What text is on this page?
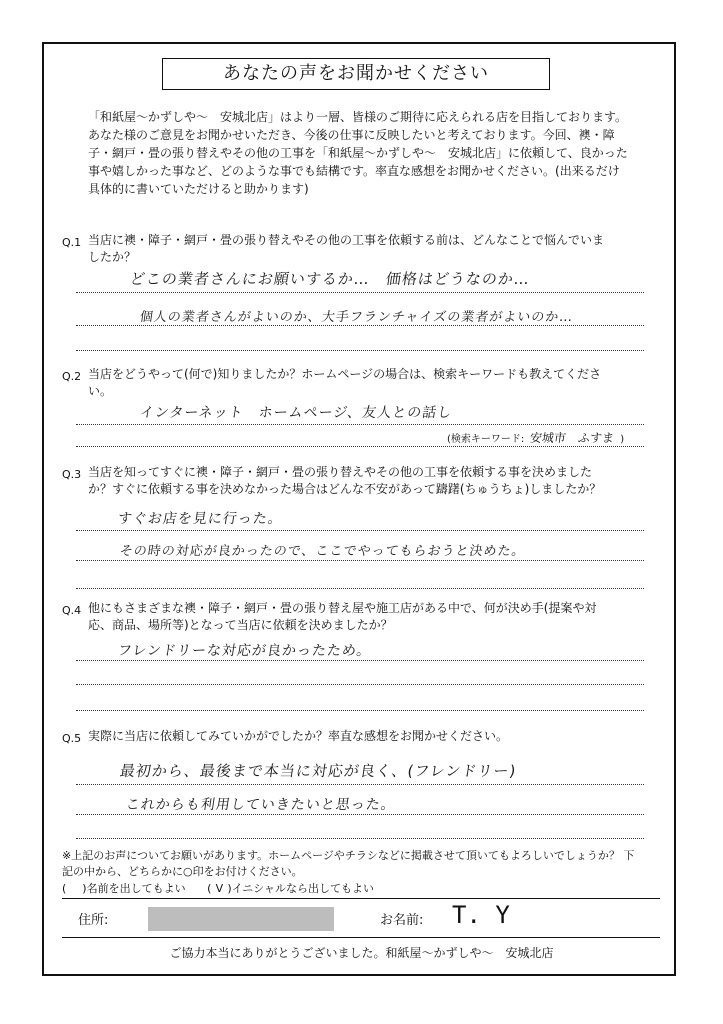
あなたの声をお聞かせください
「和紙屋～かずしや～　安城北店」はより一層、皆様のご期待に応えられる店を目指しております。
あなた様のご意見をお聞かせいただき、今後の仕事に反映したいと考えております。今回、襖・障
子・網戸・畳の張り替えやその他の工事を「和紙屋～かずしや～　安城北店」に依頼して、良かった
事や嬉しかった事など、どのような事でも結構です。率直な感想をお聞かせください。(出来るだけ
具体的に書いていただけると助かります)
Q.1 当店に襖・障子・網戸・畳の張り替えやその他の工事を依頼する前は、どんなことで悩んでいま
したか？
どこの業者さんにお願いするか…　価格はどうなのか…
個人の業者さんがよいのか、大手フランチャイズの業者がよいのか…
Q.2 当店をどうやって(何で)知りましたか？ホームページの場合は、検索キーワードも教えてくださ
い。
インターネット　ホームページ、友人との話し
(検索キーワード: 安城市　ふすま )
Q.3 当店を知ってすぐに襖・障子・網戸・畳の張り替えやその他の工事を依頼する事を決めました
か？すぐに依頼する事を決めなかった場合はどんな不安があって躊躇(ちゅうちょ)しましたか？
すぐお店を見に行った。
その時の対応が良かったので、ここでやってもらおうと決めた。
Q.4 他にもさまざまな襖・障子・網戸・畳の張り替え屋や施工店がある中で、何が決め手(提案や対
応、商品、場所等)となって当店に依頼を決めましたか？
フレンドリーな対応が良かったため。
Q.5 実際に当店に依頼してみていかがでしたか？率直な感想をお聞かせください。
最初から、最後まで本当に対応が良く、(フレンドリー)
これからも利用していきたいと思った。
※上記のお声についてお願いがあります。ホームページやチラシなどに掲載させて頂いてもよろしいでしょうか？ 下
記の中から、どちらかに○印をお付けください。
( )名前を出してもよい ( V )イニシャルなら出してもよい
住所:	お名前: T. Y
ご協力本当にありがとうございました。和紙屋～かずしや～　安城北店
